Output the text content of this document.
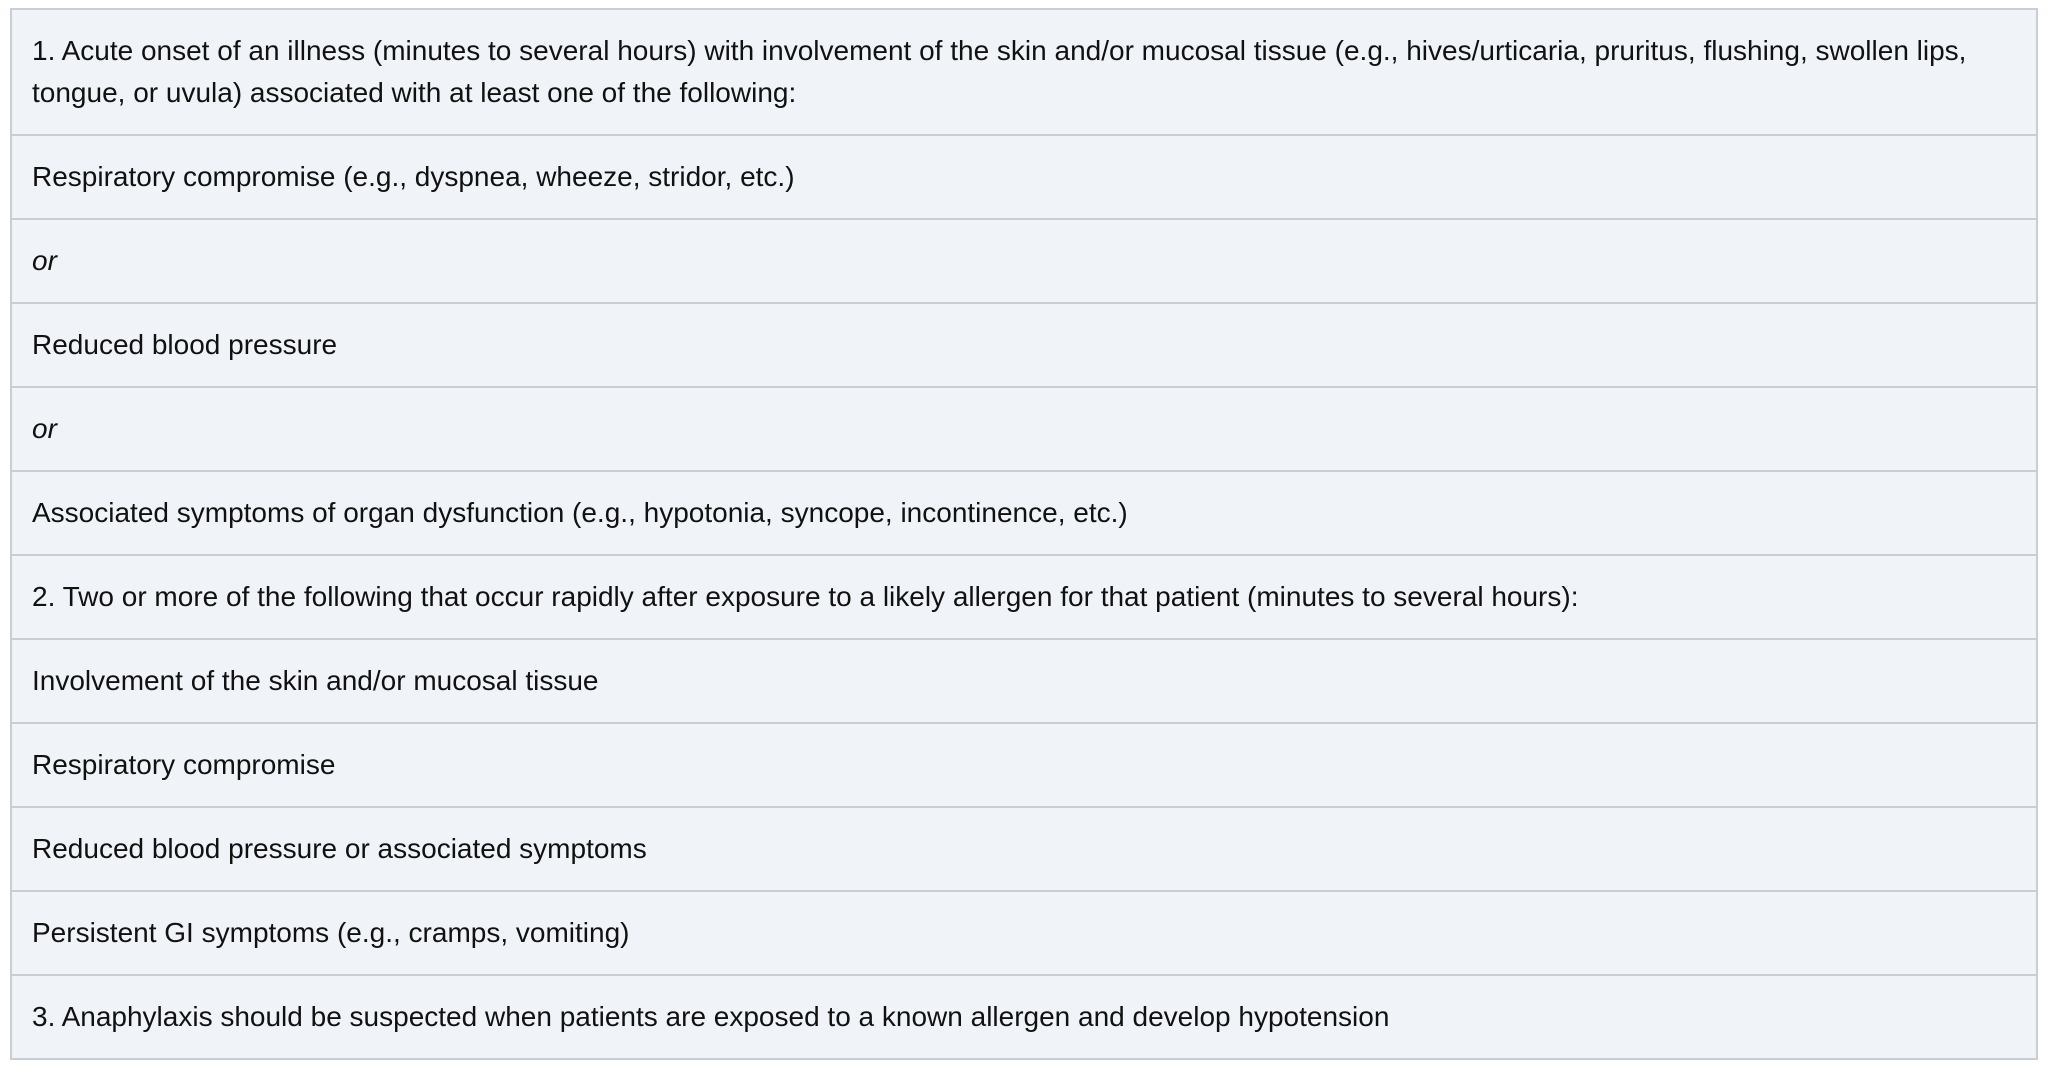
1. Acute onset of an illness (minutes to several hours) with involvement of the skin and/or mucosal tissue (e.g., hives/urticaria, pruritus, flushing, swollen lips, tongue, or uvula) associated with at least one of the following:
Respiratory compromise (e.g., dyspnea, wheeze, stridor, etc.)
or
Reduced blood pressure
or
Associated symptoms of organ dysfunction (e.g., hypotonia, syncope, incontinence, etc.)
2. Two or more of the following that occur rapidly after exposure to a likely allergen for that patient (minutes to several hours):
Involvement of the skin and/or mucosal tissue
Respiratory compromise
Reduced blood pressure or associated symptoms
Persistent GI symptoms (e.g., cramps, vomiting)
3. Anaphylaxis should be suspected when patients are exposed to a known allergen and develop hypotension
